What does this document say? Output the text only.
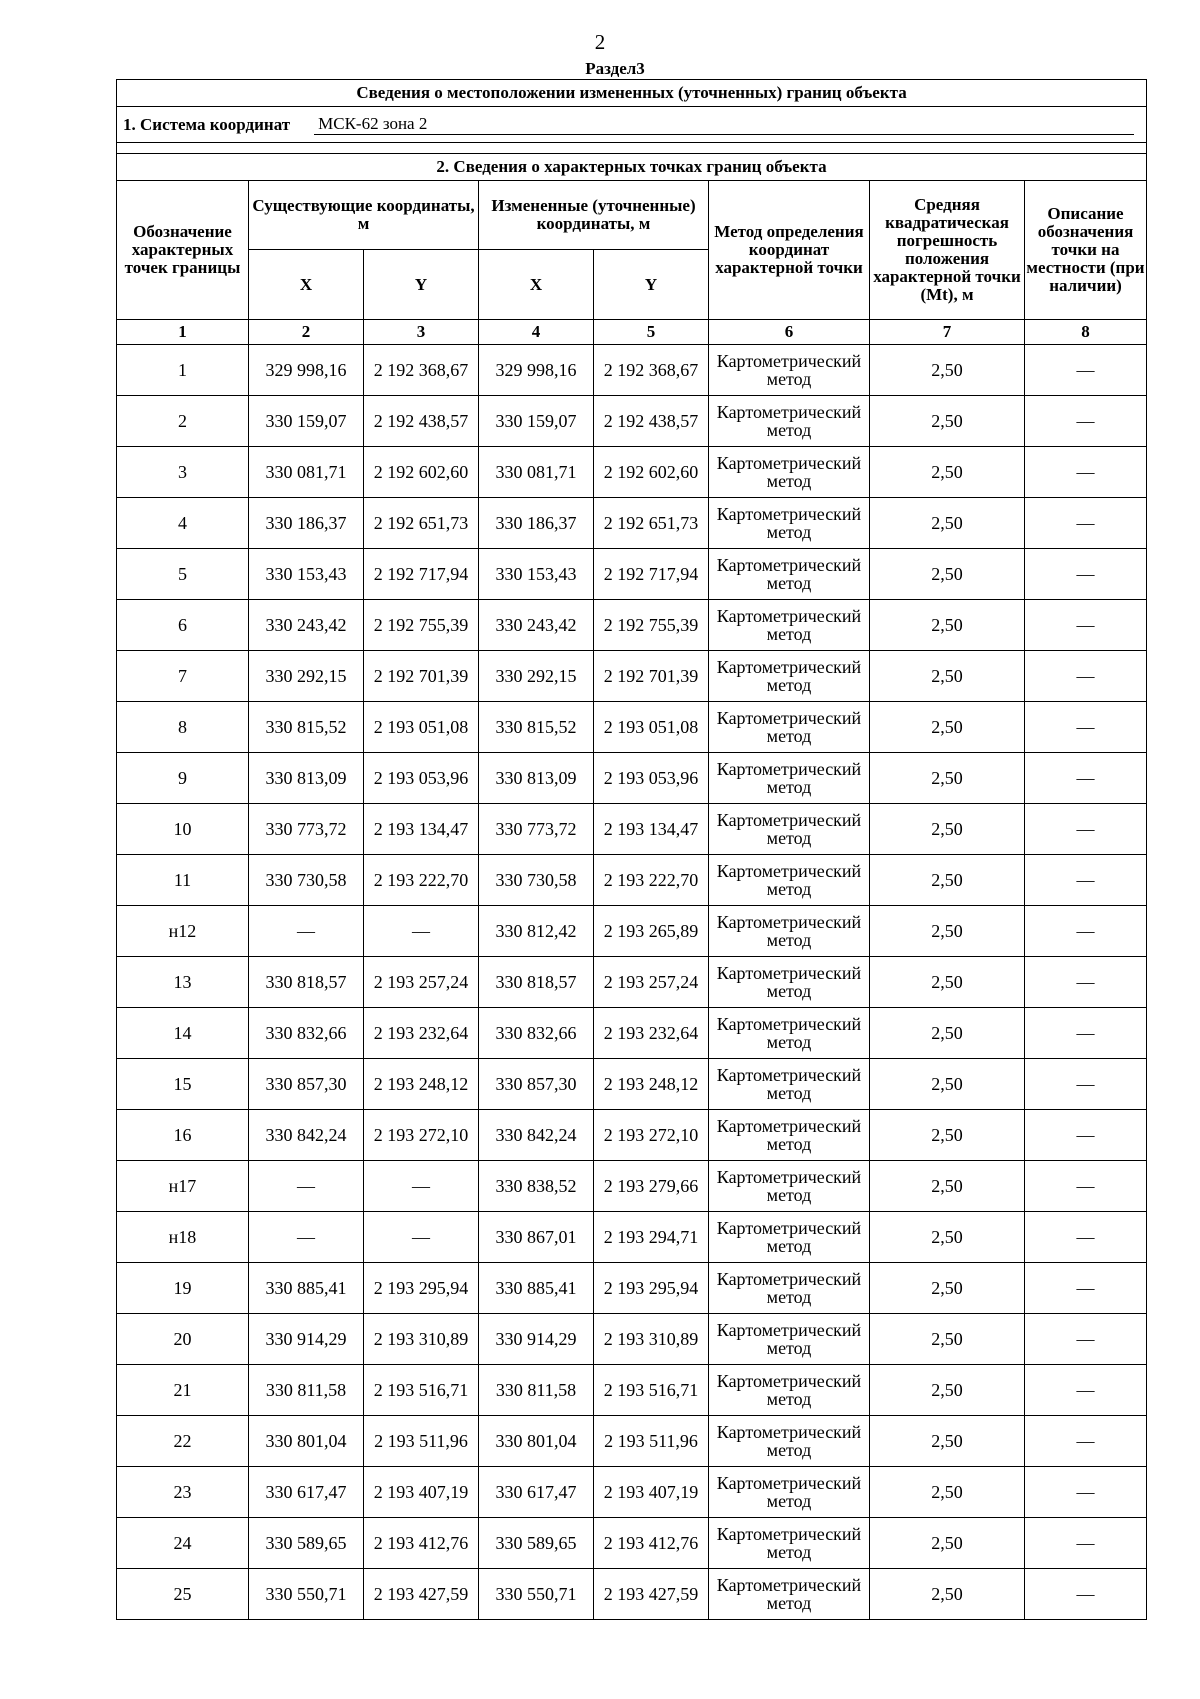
2
Раздел3
Сведения о местоположении измененных (уточненных) границ объекта							

1. Система координат МСК-62 зона 2							

2. Сведения о характерных точках границ объекта							
Обозначение характерных точек границы	Существующие координаты, м		Измененные (уточненные) координаты, м		Метод определения координат характерной точки	Средняя квадратическая погрешность положения характерной точки (Mt), м	Описание обозначения точки на местности (при наличии)
	X	Y	X	Y			
1	2	3	4	5	6	7	8
1	329 998,16	2 192 368,67	329 998,16	2 192 368,67	Картометрический метод	2,50	—
2	330 159,07	2 192 438,57	330 159,07	2 192 438,57	Картометрический метод	2,50	—
3	330 081,71	2 192 602,60	330 081,71	2 192 602,60	Картометрический метод	2,50	—
4	330 186,37	2 192 651,73	330 186,37	2 192 651,73	Картометрический метод	2,50	—
5	330 153,43	2 192 717,94	330 153,43	2 192 717,94	Картометрический метод	2,50	—
6	330 243,42	2 192 755,39	330 243,42	2 192 755,39	Картометрический метод	2,50	—
7	330 292,15	2 192 701,39	330 292,15	2 192 701,39	Картометрический метод	2,50	—
8	330 815,52	2 193 051,08	330 815,52	2 193 051,08	Картометрический метод	2,50	—
9	330 813,09	2 193 053,96	330 813,09	2 193 053,96	Картометрический метод	2,50	—
10	330 773,72	2 193 134,47	330 773,72	2 193 134,47	Картометрический метод	2,50	—
11	330 730,58	2 193 222,70	330 730,58	2 193 222,70	Картометрический метод	2,50	—
н12	—	—	330 812,42	2 193 265,89	Картометрический метод	2,50	—
13	330 818,57	2 193 257,24	330 818,57	2 193 257,24	Картометрический метод	2,50	—
14	330 832,66	2 193 232,64	330 832,66	2 193 232,64	Картометрический метод	2,50	—
15	330 857,30	2 193 248,12	330 857,30	2 193 248,12	Картометрический метод	2,50	—
16	330 842,24	2 193 272,10	330 842,24	2 193 272,10	Картометрический метод	2,50	—
н17	—	—	330 838,52	2 193 279,66	Картометрический метод	2,50	—
н18	—	—	330 867,01	2 193 294,71	Картометрический метод	2,50	—
19	330 885,41	2 193 295,94	330 885,41	2 193 295,94	Картометрический метод	2,50	—
20	330 914,29	2 193 310,89	330 914,29	2 193 310,89	Картометрический метод	2,50	—
21	330 811,58	2 193 516,71	330 811,58	2 193 516,71	Картометрический метод	2,50	—
22	330 801,04	2 193 511,96	330 801,04	2 193 511,96	Картометрический метод	2,50	—
23	330 617,47	2 193 407,19	330 617,47	2 193 407,19	Картометрический метод	2,50	—
24	330 589,65	2 193 412,76	330 589,65	2 193 412,76	Картометрический метод	2,50	—
25	330 550,71	2 193 427,59	330 550,71	2 193 427,59	Картометрический метод	2,50	—
